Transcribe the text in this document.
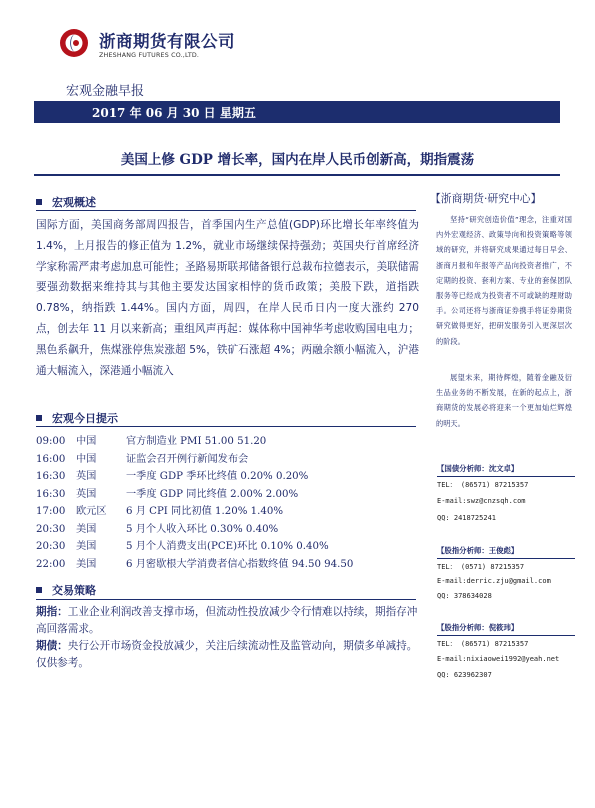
浙商期货有限公司
ZHESHANG FUTURES CO.,LTD.
宏观金融早报
2017 年 06 月 30 日 星期五
美国上修 GDP 增长率，国内在岸人民币创新高，期指震荡
宏观概述
国际方面，美国商务部周四报告，首季国内生产总值(GDP)环比增长年率终值为 1.4%，上月报告的修正值为 1.2%，就业市场继续保持强劲；英国央行首席经济学家称需严肃考虑加息可能性；圣路易斯联邦储备银行总裁布拉德表示，美联储需要强劲数据来维持其与其他主要发达国家相悖的货币政策；美股下跌，道指跌 0.78%，纳指跌 1.44%。国内方面，周四，在岸人民币日内一度大涨约 270 点，创去年 11 月以来新高；重组风声再起：媒体称中国神华考虑收购国电电力；黑色系飙升，焦煤涨停焦炭涨超 5%，铁矿石涨超 4%；两融余额小幅流入，沪港通大幅流入，深港通小幅流入
宏观今日提示
09:00 中国	官方制造业 PMI 51.00 51.20
16:00 中国	证监会召开例行新闻发布会
16:30 英国	一季度 GDP 季环比终值 0.20% 0.20%
16:30 英国	一季度 GDP 同比终值 2.00% 2.00%
17:00 欧元区 6 月 CPI 同比初值 1.20% 1.40%
20:30 美国	5 月个人收入环比 0.30% 0.40%
20:30 美国	5 月个人消费支出(PCE)环比 0.10% 0.40%
22:00 美国	6 月密歇根大学消费者信心指数终值 94.50 94.50
交易策略
期指：工业企业利润改善支撑市场，但流动性投放减少令行情难以持续，期指存冲高回落需求。
期债：央行公开市场资金投放减少，关注后续流动性及监管动向，期债多单减持。仅供参考。
【浙商期货·研究中心】
坚持“研究创造价值”理念，注重对国内外宏观经济、政策导向和投资策略等领域的研究，并将研究成果通过每日早会、浙商月报和年报等产品向投资者推广，不定期的投资、套利方案、专业的套保团队服务等已经成为投资者不可或缺的理财助手。公司还将与浙商证券携手将证券期货研究做得更好，把研发服务引入更深层次的阶段。
展望未来，期待辉煌，随着金融及衍生品业务的不断发展，在新的起点上，浙商期货的发展必将迎来一个更加灿烂辉煌的明天。
【国债分析师：沈文卓】
TEL： (86571) 87215357
E-mail:swz@cnzsqh.com
QQ: 2418725241
【股指分析师：王俊彪】
TEL： (0571) 87215357
E-mail:derric.zju@gmail.com
QQ: 378634028
【股指分析师：倪筱玮】
TEL： (86571) 87215357
E-mail:nixiaowei1992@yeah.net
QQ: 623962307
